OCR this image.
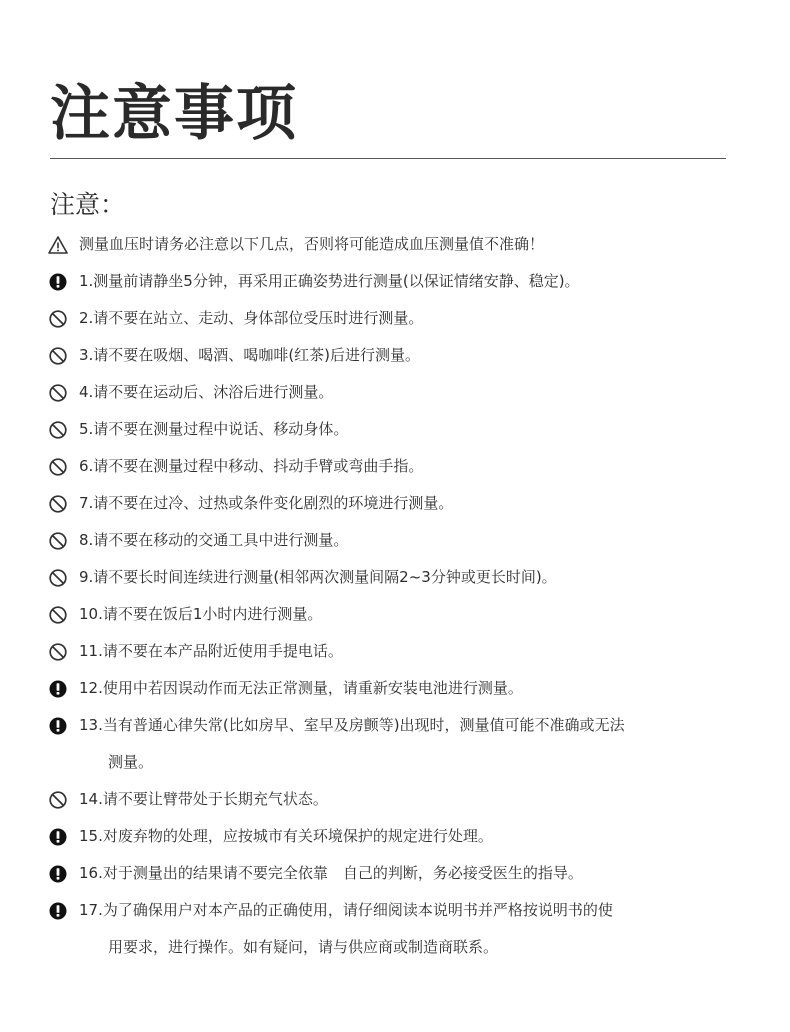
注意事项
注意：
测量血压时请务必注意以下几点，否则将可能造成血压测量值不准确！
1.测量前请静坐5分钟，再采用正确姿势进行测量(以保证情绪安静、稳定)。
2.请不要在站立、走动、身体部位受压时进行测量。
3.请不要在吸烟、喝酒、喝咖啡(红茶)后进行测量。
4.请不要在运动后、沐浴后进行测量。
5.请不要在测量过程中说话、移动身体。
6.请不要在测量过程中移动、抖动手臂或弯曲手指。
7.请不要在过冷、过热或条件变化剧烈的环境进行测量。
8.请不要在移动的交通工具中进行测量。
9.请不要长时间连续进行测量(相邻两次测量间隔2~3分钟或更长时间)。
10.请不要在饭后1小时内进行测量。
11.请不要在本产品附近使用手提电话。
12.使用中若因误动作而无法正常测量，请重新安装电池进行测量。
13.当有普通心律失常(比如房早、室早及房颤等)出现时，测量值可能不准确或无法
测量。
14.请不要让臂带处于长期充气状态。
15.对废弃物的处理，应按城市有关环境保护的规定进行处理。
16.对于测量出的结果请不要完全依靠　自己的判断，务必接受医生的指导。
17.为了确保用户对本产品的正确使用，请仔细阅读本说明书并严格按说明书的使
用要求，进行操作。如有疑问，请与供应商或制造商联系。
